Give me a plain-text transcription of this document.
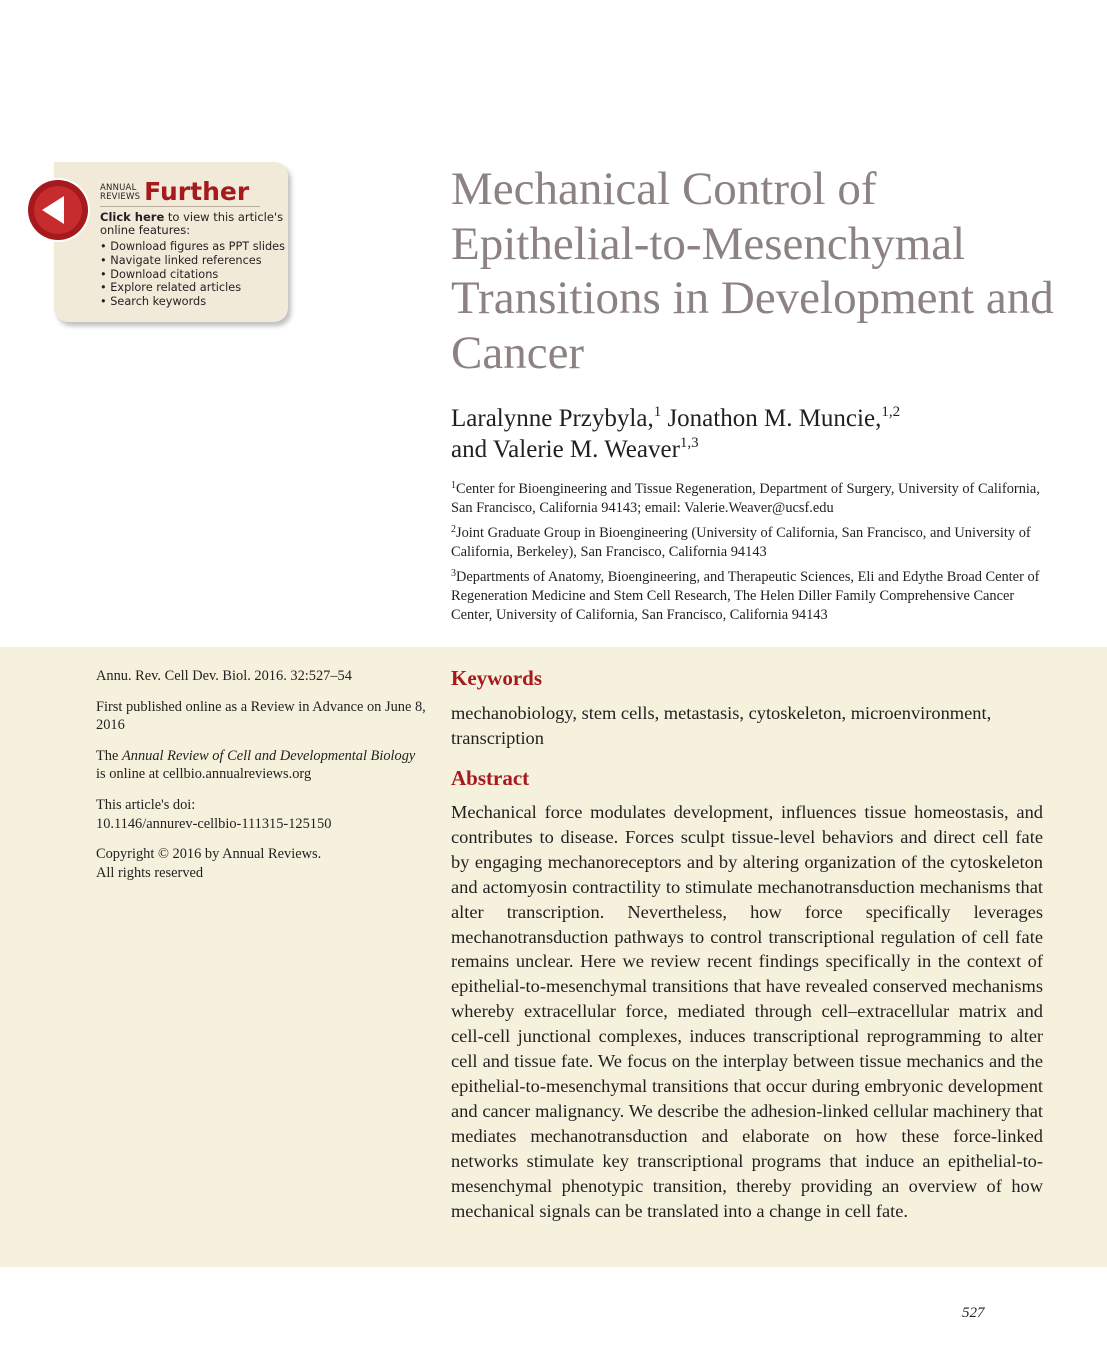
ANNUAL
REVIEWS Further
Click here to view this article's online features:
• Download figures as PPT slides
• Navigate linked references
• Download citations
• Explore related articles
• Search keywords
Mechanical Control of Epithelial-to-Mesenchymal Transitions in Development and Cancer
Laralynne Przybyla,$^1$ Jonathon M. Muncie,$^{1,2}$
and Valerie M. Weaver$^{1,3}$
$^1$Center for Bioengineering and Tissue Regeneration, Department of Surgery, University of California, San Francisco, California 94143; email: Valerie.Weaver@ucsf.edu
$^2$Joint Graduate Group in Bioengineering (University of California, San Francisco, and University of California, Berkeley), San Francisco, California 94143
$^3$Departments of Anatomy, Bioengineering, and Therapeutic Sciences, Eli and Edythe Broad Center of Regeneration Medicine and Stem Cell Research, The Helen Diller Family Comprehensive Cancer Center, University of California, San Francisco, California 94143

Annu. Rev. Cell Dev. Biol. 2016. 32:527–54

First published online as a Review in Advance on June 8, 2016

The Annual Review of Cell and Developmental Biology is online at cellbio.annualreviews.org

This article's doi:
10.1146/annurev-cellbio-111315-125150

Copyright © 2016 by Annual Reviews.
All rights reserved

Keywords
mechanobiology, stem cells, metastasis, cytoskeleton, microenvironment, transcription
Abstract

Mechanical force modulates development, influences tissue homeostasis, and contributes to disease. Forces sculpt tissue-level behaviors and direct cell fate by engaging mechanoreceptors and by altering organization of the cytoskeleton and actomyosin contractility to stimulate mechanotransduction mechanisms that alter transcription. Nevertheless, how force specifically leverages mechanotransduction pathways to control transcriptional regulation of cell fate remains unclear. Here we review recent findings specifically in the context of epithelial-to-mesenchymal transitions that have revealed conserved mechanisms whereby extracellular force, mediated through cell–extracellular matrix and cell-cell junctional complexes, induces transcriptional reprogramming to alter cell and tissue fate. We focus on the interplay between tissue mechanics and the epithelial-to-mesenchymal transitions that occur during embryonic development and cancer malignancy. We describe the adhesion-linked cellular machinery that mediates mechanotransduction and elaborate on how these force-linked networks stimulate key transcriptional programs that induce an epithelial-to-mesenchymal phenotypic transition, thereby providing an overview of how mechanical signals can be translated into a change in cell fate.

527
